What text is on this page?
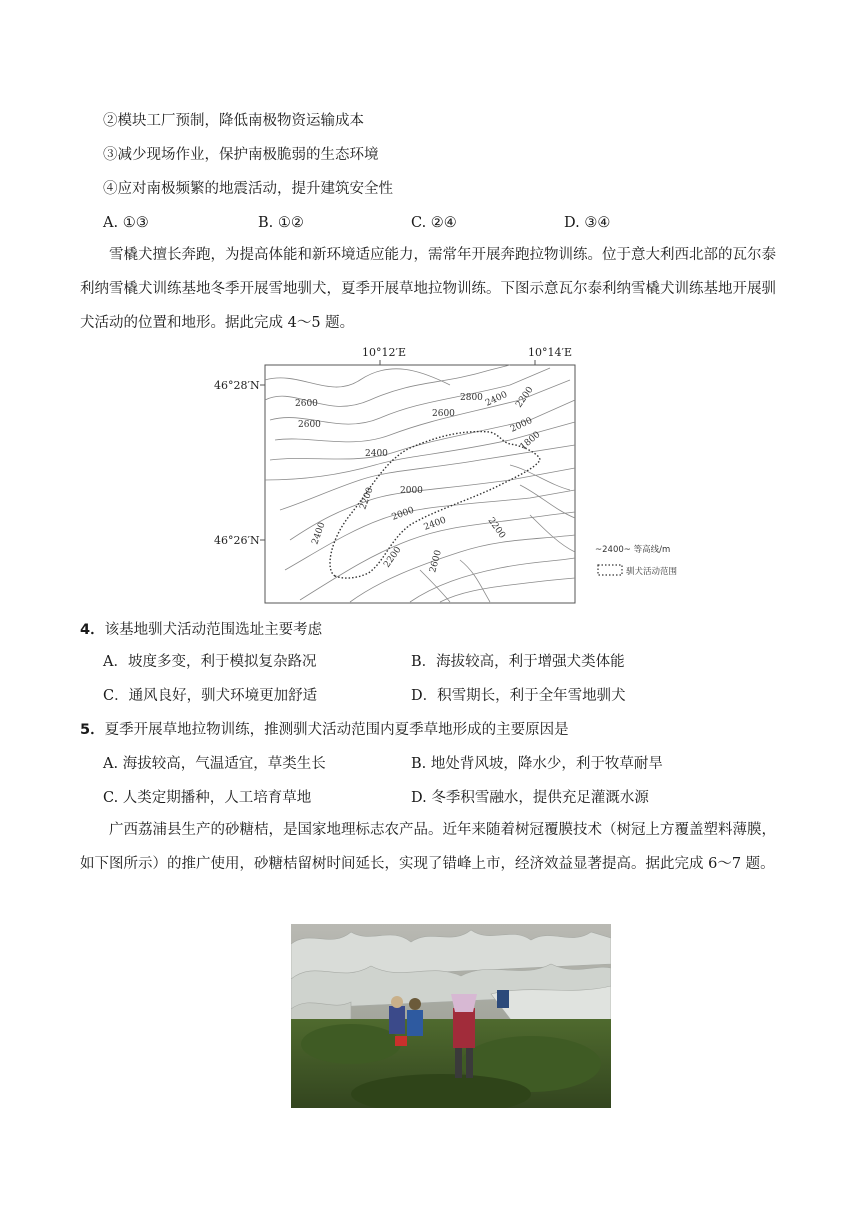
②模块工厂预制，降低南极物资运输成本
③减少现场作业，保护南极脆弱的生态环境
④应对南极频繁的地震活动，提升建筑安全性
A. ①③	B. ①②	C. ②④	D. ③④
雪橇犬擅长奔跑，为提高体能和新环境适应能力，需常年开展奔跑拉物训练。位于意大利西北部的瓦尔泰利纳雪橇犬训练基地冬季开展雪地驯犬，夏季开展草地拉物训练。下图示意瓦尔泰利纳雪橇犬训练基地开展驯犬活动的位置和地形。据此完成 4～5 题。
10°12′E	10°14′E
46°28′N
46°26′N
2600
2600
2800
2600
2400 2200
2000
1800
2400
2200	2000
2000
2400	2200
2400
2200	2600	~2400~ 等高线/m
驯犬活动范围
4．该基地驯犬活动范围选址主要考虑
A．坡度多变，利于模拟复杂路况	B．海拔较高，利于增强犬类体能
C．通风良好，驯犬环境更加舒适	D．积雪期长，利于全年雪地驯犬
5．夏季开展草地拉物训练，推测驯犬活动范围内夏季草地形成的主要原因是
A. 海拔较高，气温适宜，草类生长	B. 地处背风坡，降水少，利于牧草耐旱
C. 人类定期播种，人工培育草地	D. 冬季积雪融水，提供充足灌溉水源
广西荔浦县生产的砂糖桔，是国家地理标志农产品。近年来随着树冠覆膜技术（树冠上方覆盖塑料薄膜，如下图所示）的推广使用，砂糖桔留树时间延长，实现了错峰上市，经济效益显著提高。据此完成 6～7 题。
